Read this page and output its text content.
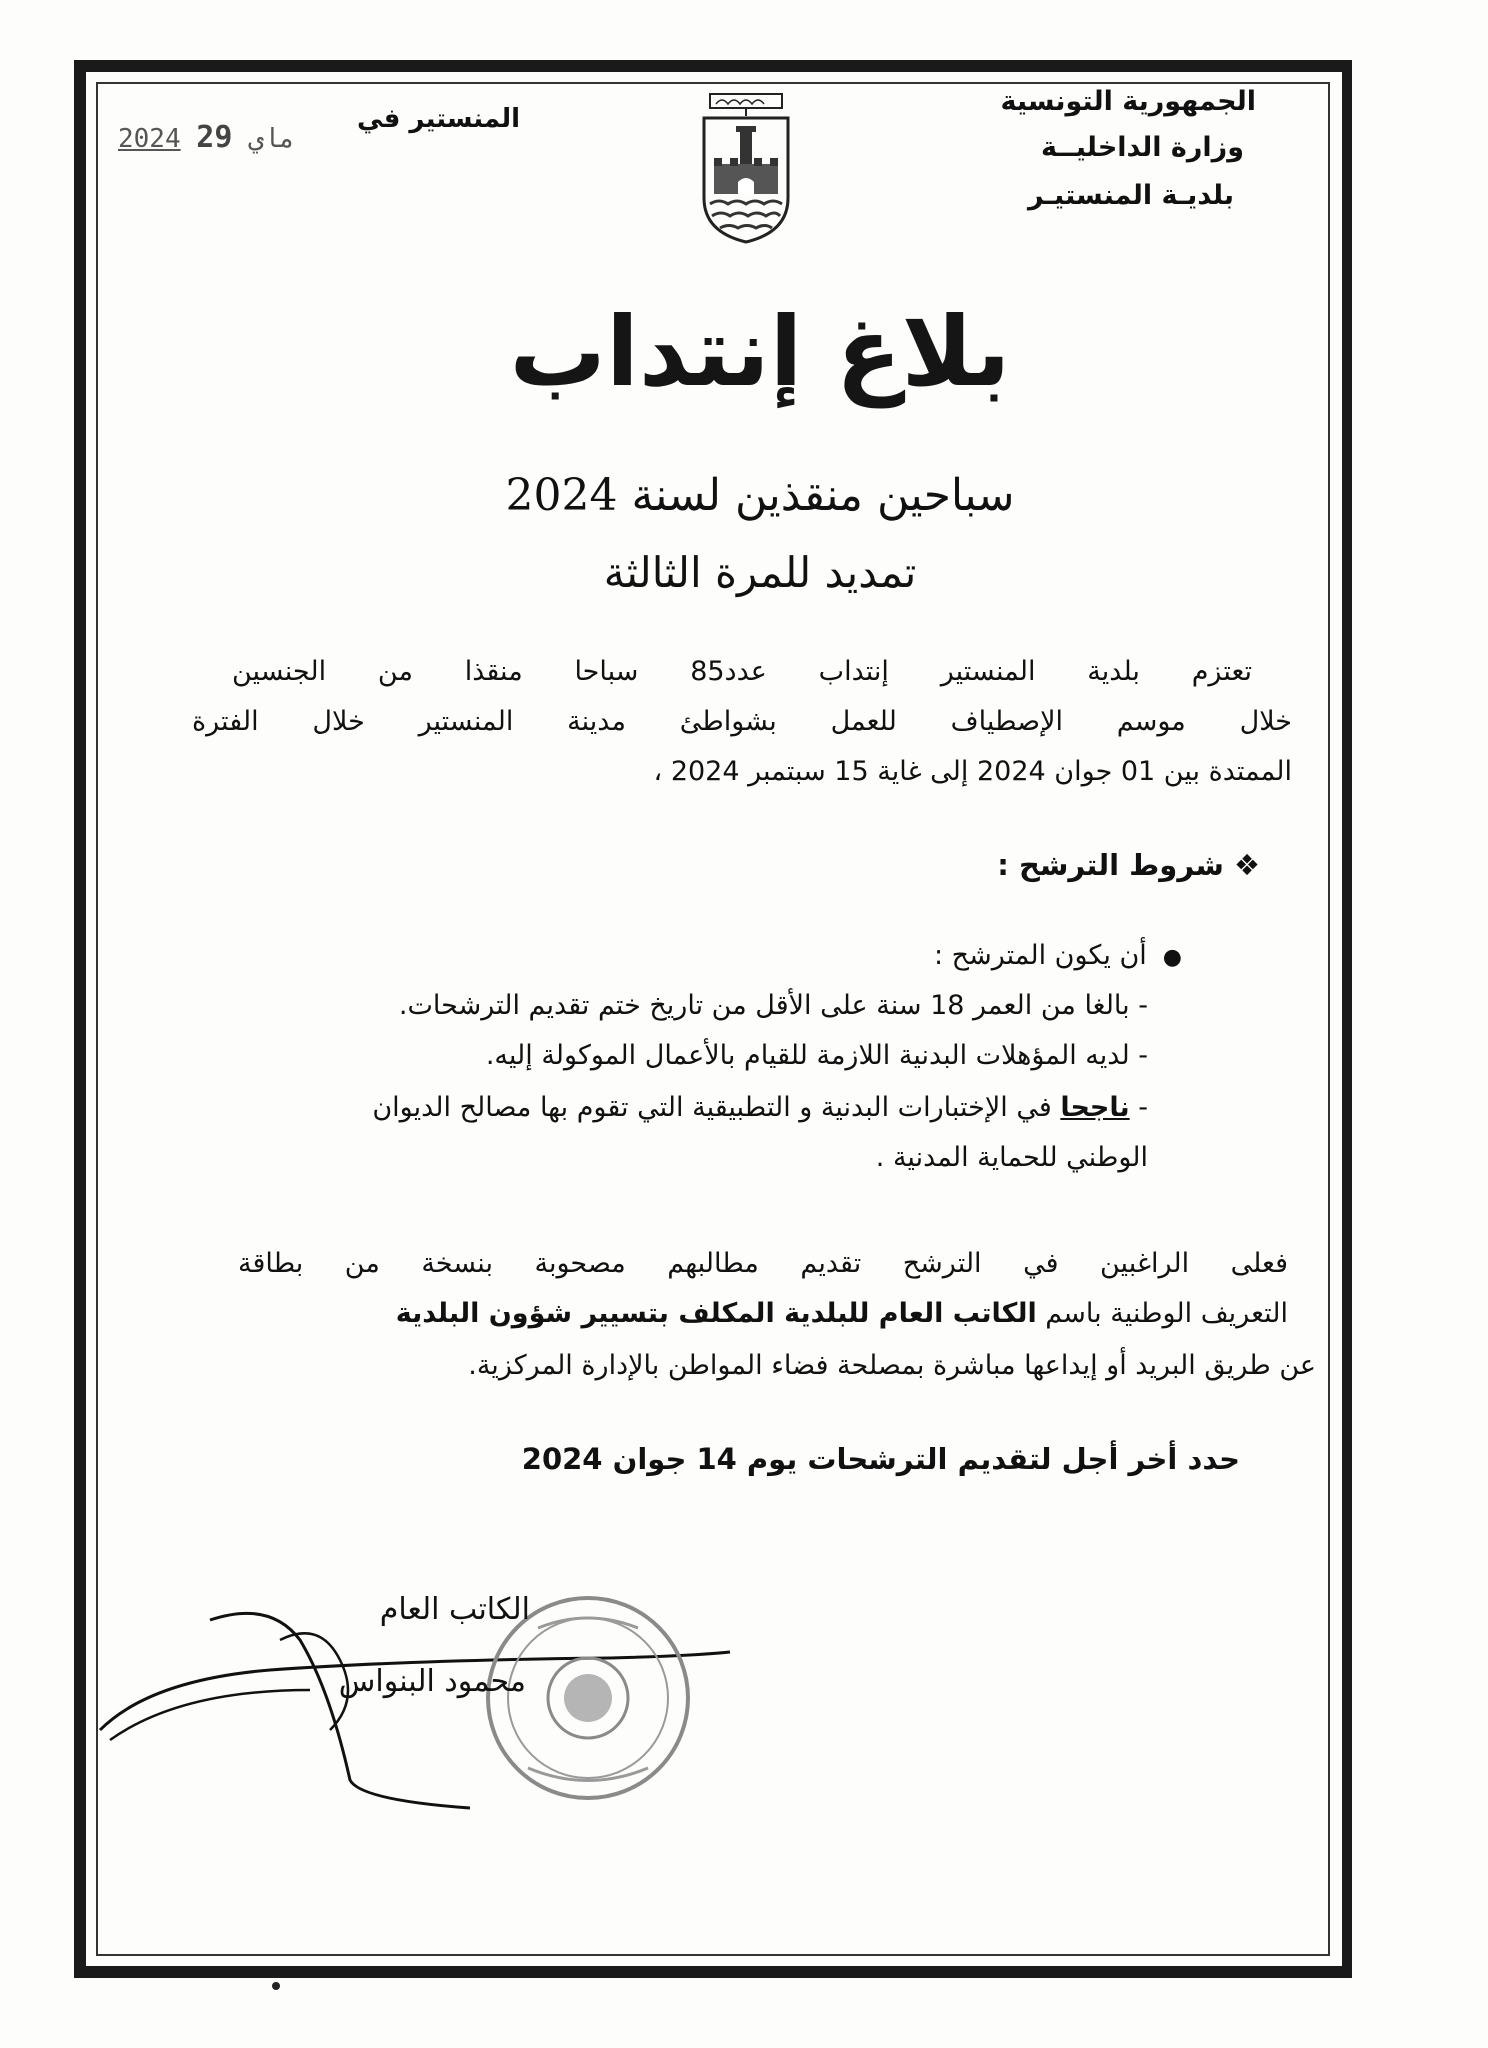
الجمهورية التونسية
وزارة الداخليــة
بلديـة المنستيـر
المنستير في
2024	ماي 29
بلاغ إنتداب
سباحين منقذين لسنة 2024
تمديد للمرة الثالثة
تعتزم بلدية المنستير إنتداب عدد85 سباحا منقذا من الجنسين
خلال موسم الإصطياف للعمل بشواطئ مدينة المنستير خلال الفترة
الممتدة بين 01 جوان 2024 إلى غاية 15 سبتمبر 2024 ،
❖ شروط الترشح :
●أن يكون المترشح :
- بالغا من العمر 18 سنة على الأقل من تاريخ ختم تقديم الترشحات.
- لديه المؤهلات البدنية اللازمة للقيام بالأعمال الموكولة إليه.
- ناجحا في الإختبارات البدنية و التطبيقية التي تقوم بها مصالح الديوان
الوطني للحماية المدنية .
فعلى الراغبين في الترشح تقديم مطالبهم مصحوبة بنسخة من بطاقة
التعريف الوطنية باسم الكاتب العام للبلدية المكلف بتسيير شؤون البلدية
عن طريق البريد أو إيداعها مباشرة بمصلحة فضاء المواطن بالإدارة المركزية.
حدد أخر أجل لتقديم الترشحات يوم 14 جوان 2024
الكاتب العام
محمود البنواس
